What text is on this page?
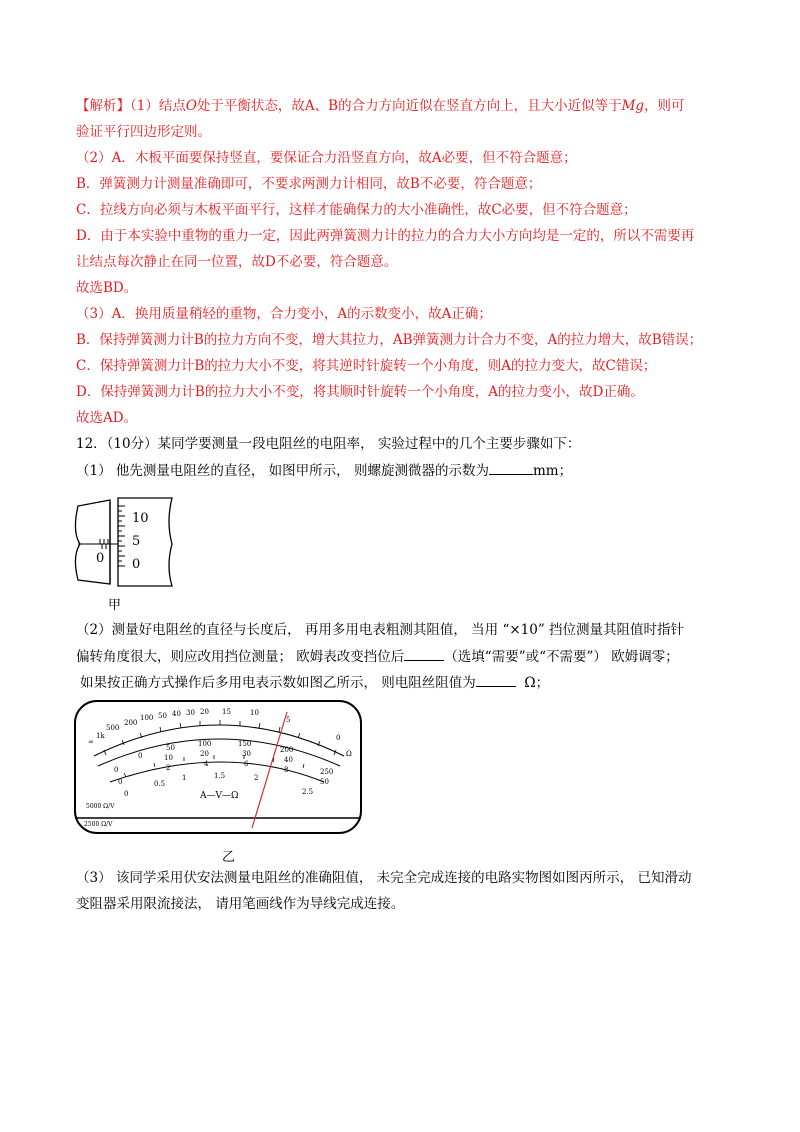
【解析】（1）结点O处于平衡状态，故A、B的合力方向近似在竖直方向上，且大小近似等于Mg，则可
验证平行四边形定则。
（2）A．木板平面要保持竖直，要保证合力沿竖直方向，故A必要，但不符合题意；
B．弹簧测力计测量准确即可，不要求两测力计相同，故B不必要，符合题意；
C．拉线方向必须与木板平面平行，这样才能确保力的大小准确性，故C必要，但不符合题意；
D．由于本实验中重物的重力一定，因此两弹簧测力计的拉力的合力大小方向均是一定的，所以不需要再
让结点每次静止在同一位置，故D不必要，符合题意。
故选BD。
（3）A．换用质量稍轻的重物，合力变小，A的示数变小，故A正确；
B．保持弹簧测力计B的拉力方向不变，增大其拉力，AB弹簧测力计合力不变，A的拉力增大，故B错误；
C．保持弹簧测力计B的拉力大小不变，将其逆时针旋转一个小角度，则A的拉力变大，故C错误；
D．保持弹簧测力计B的拉力大小不变，将其顺时针旋转一个小角度，A的拉力变小，故D正确。
故选AD。
12．（10分）某同学要测量一段电阻丝的电阻率， 实验过程中的几个主要步骤如下：
（1） 他先测量电阻丝的直径， 如图甲所示， 则螺旋测微器的示数为	mm；
10
5
0
0
甲
（2）测量好电阻丝的直径与长度后， 再用多用电表粗测其阻值， 当用 “×10” 挡位测量其阻值时指针
偏转角度很大，则应改用挡位测量； 欧姆表改变挡位后	（选填“需要”或“不需要”） 欧姆调零；
如果按正确方式操作后多用电表示数如图乙所示， 则电阻丝阻值为	Ω；
∞
1k
500
200
100 50 40 30 20 15	10
5
0
Ω
0
50	100	150
200
250
0
10	20	30
40
50
0
2	4	6
8
0
0.5
1	1.5	2
2.5
5000 Ω/V
2500 Ω/V
A—V—Ω
乙
（3） 该同学采用伏安法测量电阻丝的准确阻值， 未完全完成连接的电路实物图如图丙所示， 已知滑动
变阻器采用限流接法， 请用笔画线作为导线完成连接。
